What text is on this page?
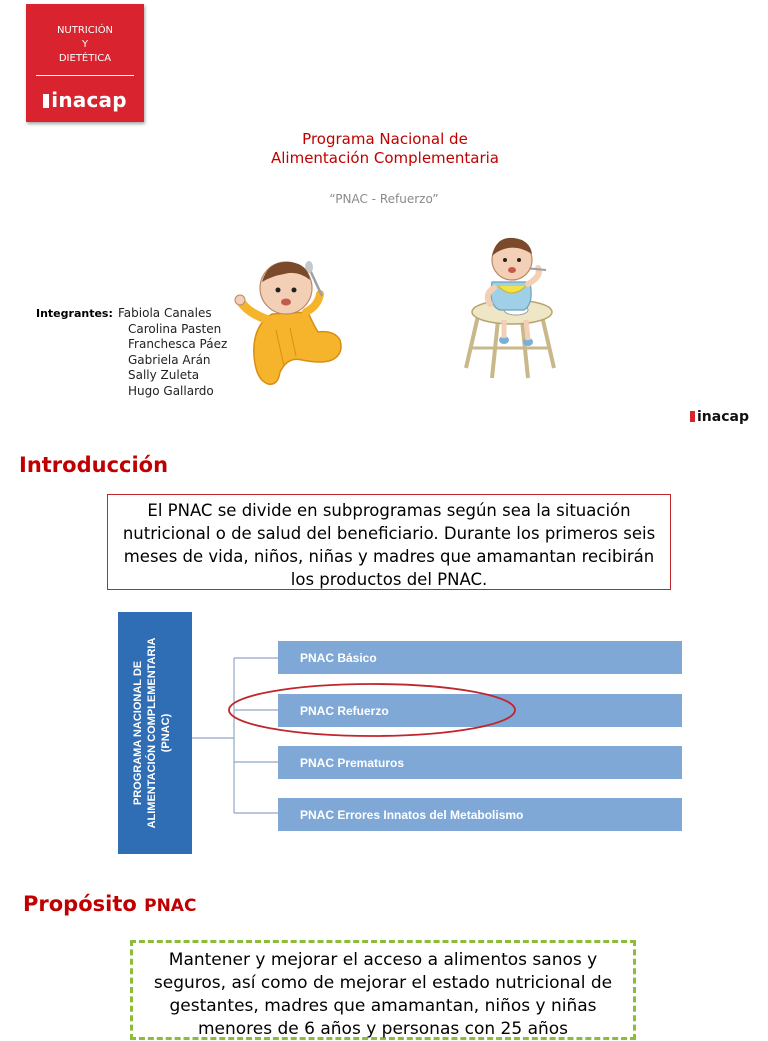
NUTRICIÓN
Y
DIETÉTICA
inacap
Programa Nacional de
Alimentación Complementaria
“PNAC - Refuerzo”
Integrantes: Fabiola Canales
Carolina Pasten
Franchesca Páez
Gabriela Arán
Sally Zuleta
Hugo Gallardo
inacap
Introducción
El PNAC se divide en subprogramas según sea la situación nutricional o de salud del beneficiario. Durante los primeros seis meses de vida, niños, niñas y madres que amamantan recibirán los productos del PNAC.
PROGRAMA NACIONAL DE ALIMENTACIÓN COMPLEMENTARIA (PNAC)
PNAC Básico
PNAC Refuerzo
PNAC Prematuros
PNAC Errores Innatos del Metabolismo
Propósito PNAC
Mantener y mejorar el acceso a alimentos sanos y seguros, así como de mejorar el estado nutricional de gestantes, madres que amamantan, niños y niñas menores de 6 años y personas con 25 años
